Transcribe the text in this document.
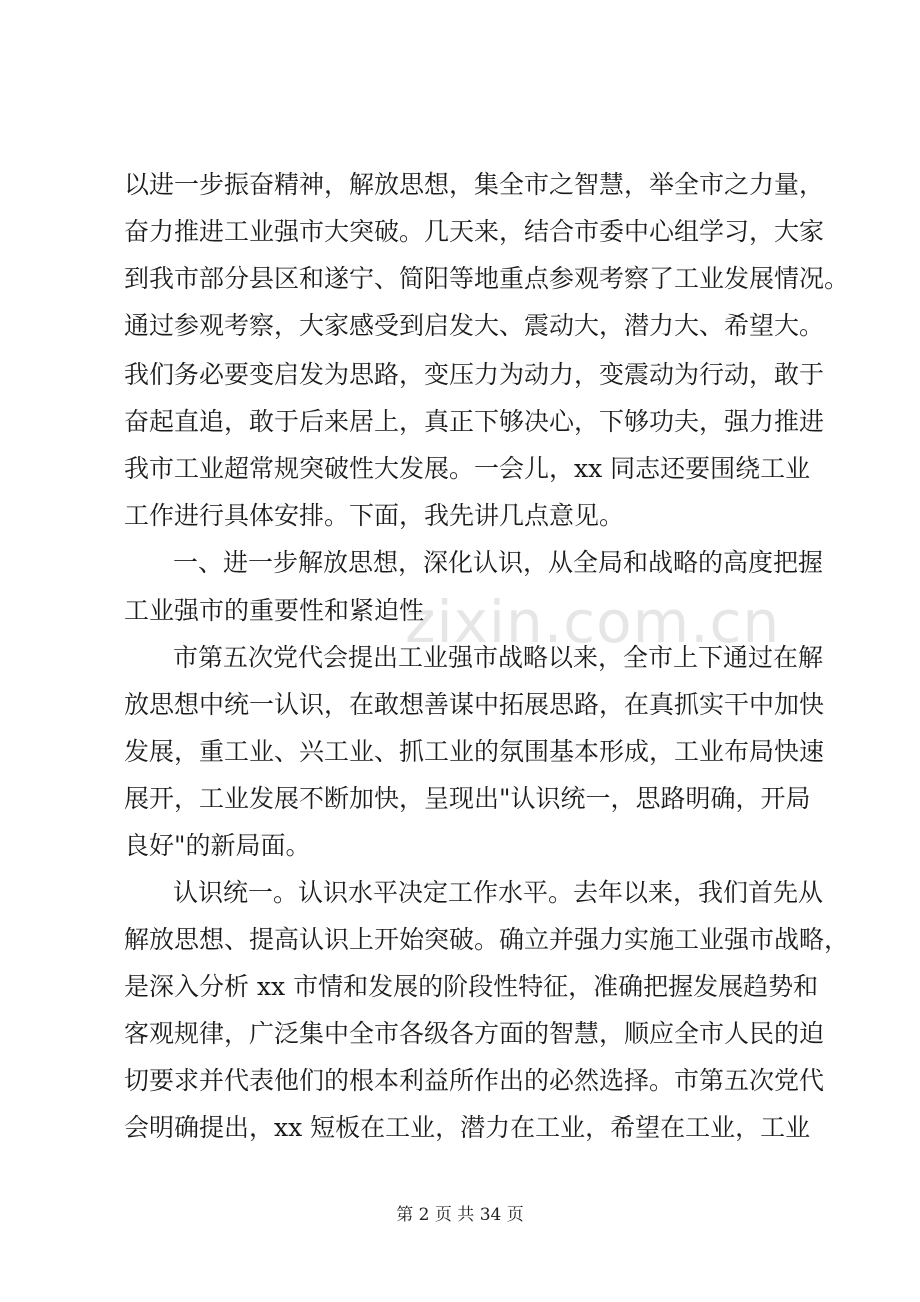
zixin.com.cn
以进一步振奋精神，解放思想，集全市之智慧，举全市之力量，
奋力推进工业强市大突破。几天来，结合市委中心组学习，大家
到我市部分县区和遂宁、简阳等地重点参观考察了工业发展情况。
通过参观考察，大家感受到启发大、震动大，潜力大、希望大。
我们务必要变启发为思路，变压力为动力，变震动为行动，敢于
奋起直追，敢于后来居上，真正下够决心，下够功夫，强力推进
我市工业超常规突破性大发展。一会儿，xx 同志还要围绕工业
工作进行具体安排。下面，我先讲几点意见。
一、进一步解放思想，深化认识，从全局和战略的高度把握
工业强市的重要性和紧迫性
市第五次党代会提出工业强市战略以来，全市上下通过在解
放思想中统一认识，在敢想善谋中拓展思路，在真抓实干中加快
发展，重工业、兴工业、抓工业的氛围基本形成，工业布局快速
展开，工业发展不断加快，呈现出"认识统一，思路明确，开局
良好"的新局面。
认识统一。认识水平决定工作水平。去年以来，我们首先从
解放思想、提高认识上开始突破。确立并强力实施工业强市战略，
是深入分析 xx 市情和发展的阶段性特征，准确把握发展趋势和
客观规律，广泛集中全市各级各方面的智慧，顺应全市人民的迫
切要求并代表他们的根本利益所作出的必然选择。市第五次党代
会明确提出，xx 短板在工业，潜力在工业，希望在工业，工业
第 2 页 共 34 页
